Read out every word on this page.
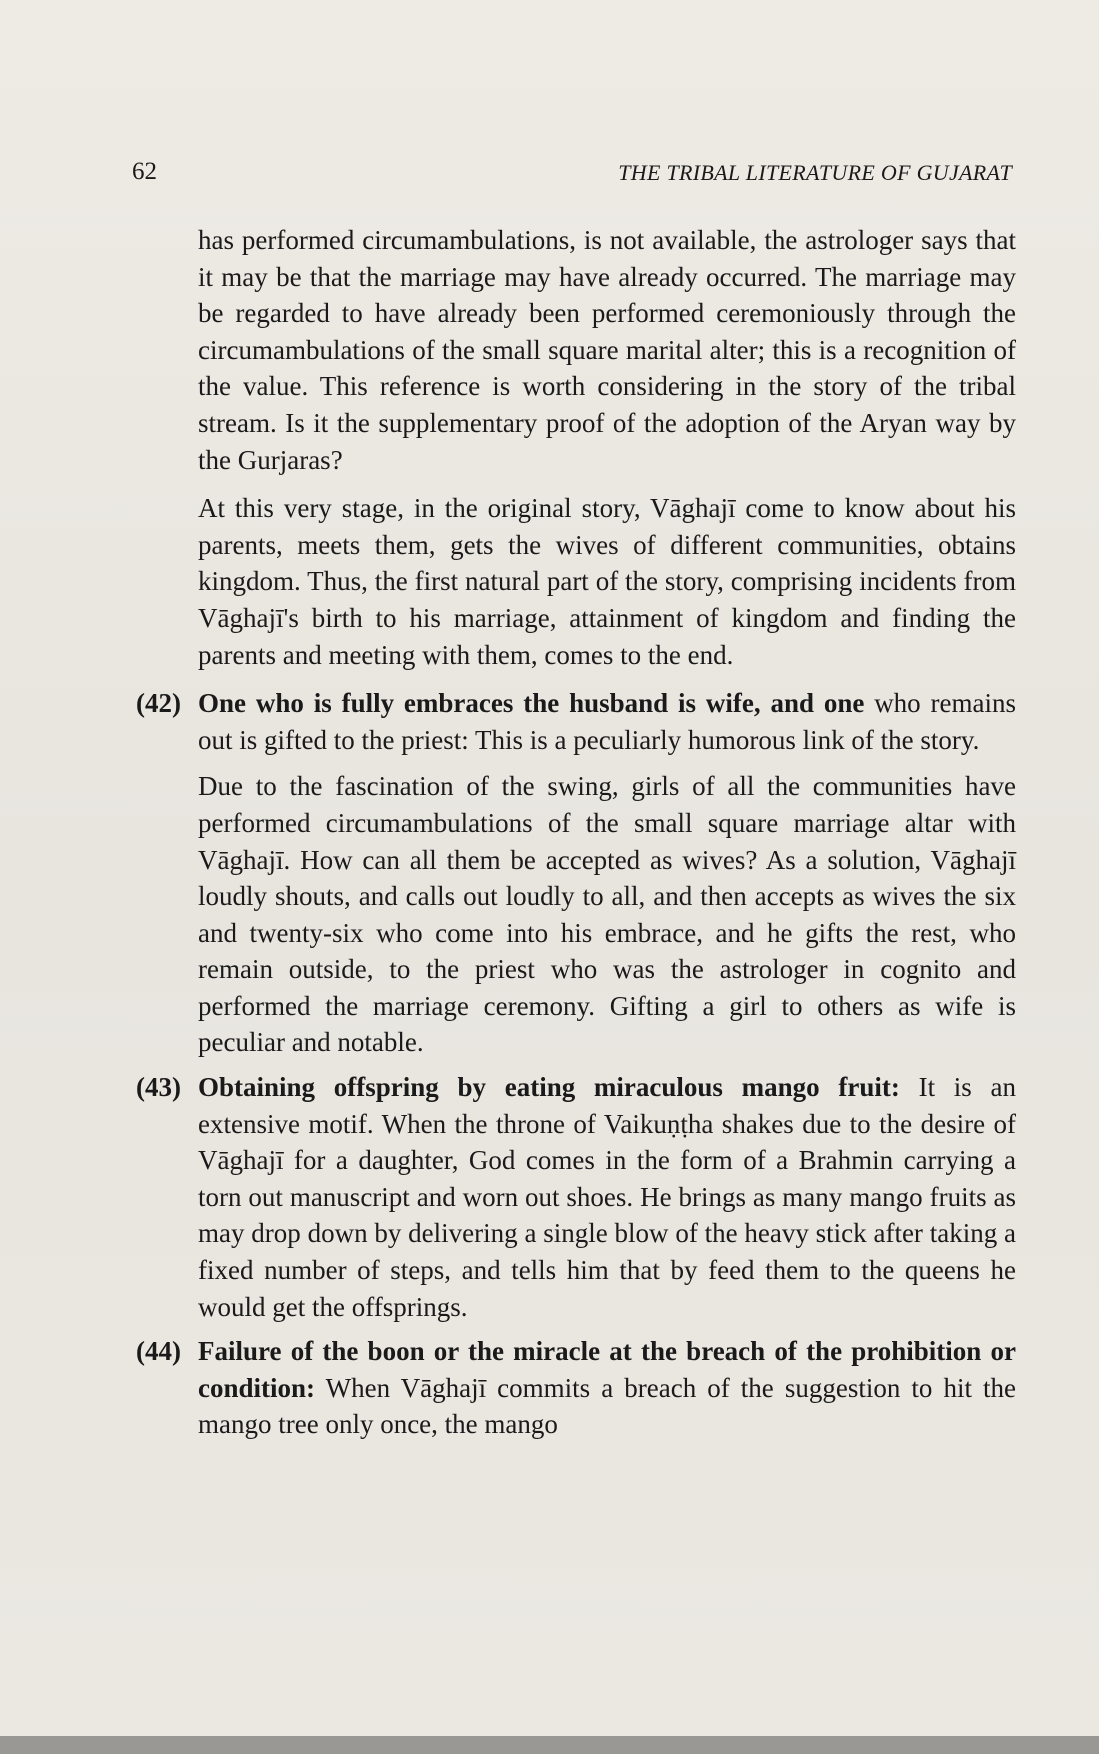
62	THE TRIBAL LITERATURE OF GUJARAT

has performed circumambulations, is not available, the astrologer says that it may be that the marriage may have already occurred. The marriage may be regarded to have already been performed ceremoniously through the circumambulations of the small square marital alter; this is a recognition of the value. This reference is worth considering in the story of the tribal stream. Is it the supplementary proof of the adoption of the Aryan way by the Gurjaras?

At this very stage, in the original story, Vāghajī come to know about his parents, meets them, gets the wives of different communities, obtains kingdom. Thus, the first natural part of the story, comprising incidents from Vāghajī's birth to his marriage, attainment of kingdom and finding the parents and meeting with them, comes to the end.

(42) One who is fully embraces the husband is wife, and one who remains out is gifted to the priest: This is a peculiarly humorous link of the story.
Due to the fascination of the swing, girls of all the communities have performed circumambulations of the small square marriage altar with Vāghajī. How can all them be accepted as wives? As a solution, Vāghajī loudly shouts, and calls out loudly to all, and then accepts as wives the six and twenty-six who come into his embrace, and he gifts the rest, who remain outside, to the priest who was the astrologer in cognito and performed the marriage ceremony. Gifting a girl to others as wife is peculiar and notable.
(43) Obtaining offspring by eating miraculous mango fruit: It is an extensive motif. When the throne of Vaikuṇṭha shakes due to the desire of Vāghajī for a daughter, God comes in the form of a Brahmin carrying a torn out manuscript and worn out shoes. He brings as many mango fruits as may drop down by delivering a single blow of the heavy stick after taking a fixed number of steps, and tells him that by feed them to the queens he would get the offsprings.
(44) Failure of the boon or the miracle at the breach of the prohibition or condition: When Vāghajī commits a breach of the suggestion to hit the mango tree only once, the mango
